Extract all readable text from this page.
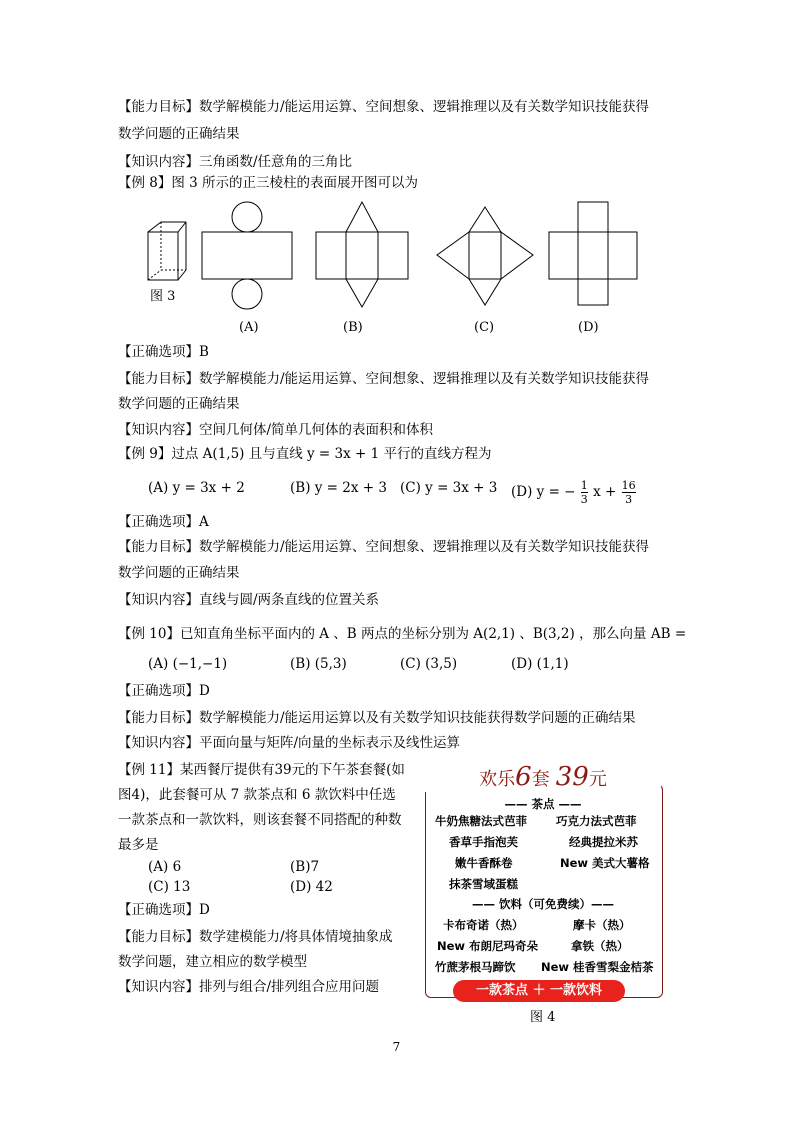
【能力目标】数学解模能力/能运用运算、空间想象、逻辑推理以及有关数学知识技能获得
数学问题的正确结果
【知识内容】三角函数/任意角的三角比
【例 8】图 3 所示的正三棱柱的表面展开图可以为
图 3
(A)	(B)	(C)	(D)
【正确选项】B
【能力目标】数学解模能力/能运用运算、空间想象、逻辑推理以及有关数学知识技能获得
数学问题的正确结果
【知识内容】空间几何体/简单几何体的表面积和体积
【例 9】过点 A(1,5) 且与直线 y = 3x + 1 平行的直线方程为
(A) y = 3x + 2	(B) y = 2x + 3 (C) y = 3x + 3 (D) y = − $\frac{1}{3}$ $x + \frac{16}{3}$
【正确选项】A
【能力目标】数学解模能力/能运用运算、空间想象、逻辑推理以及有关数学知识技能获得
数学问题的正确结果
【知识内容】直线与圆/两条直线的位置关系
【例 10】已知直角坐标平面内的 A 、B 两点的坐标分别为 A(2,1) 、B(3,2) ，那么向量 AB =
(A) (−1,−1)	(B) (5,3)	(C) (3,5)	(D) (1,1)
【正确选项】D
【能力目标】数学解模能力/能运用运算以及有关数学知识技能获得数学问题的正确结果
【知识内容】平面向量与矩阵/向量的坐标表示及线性运算
【例 11】某西餐厅提供有39元的下午茶套餐(如
图4)，此套餐可从 7 款茶点和 6 款饮料中任选
一款茶点和一款饮料，则该套餐不同搭配的种数
最多是
(A) 6	(B)7
(C) 13	(D) 42
【正确选项】D
【能力目标】数学建模能力/将具体情境抽象成
数学问题，建立相应的数学模型
【知识内容】排列与组合/排列组合应用问题
欢乐6套 39元
—— 茶点 ——
牛奶焦糖法式芭菲	巧克力法式芭菲
香草手指泡芙	经典提拉米苏
嫩牛香酥卷	New 美式大薯格
抹茶雪域蛋糕
—— 饮料（可免费续）——
卡布奇诺（热）	摩卡（热）
New 布朗尼玛奇朵	拿铁（热）
竹蔗茅根马蹄饮 New 桂香雪梨金桔茶
一款茶点 ＋ 一款饮料
图 4
7
